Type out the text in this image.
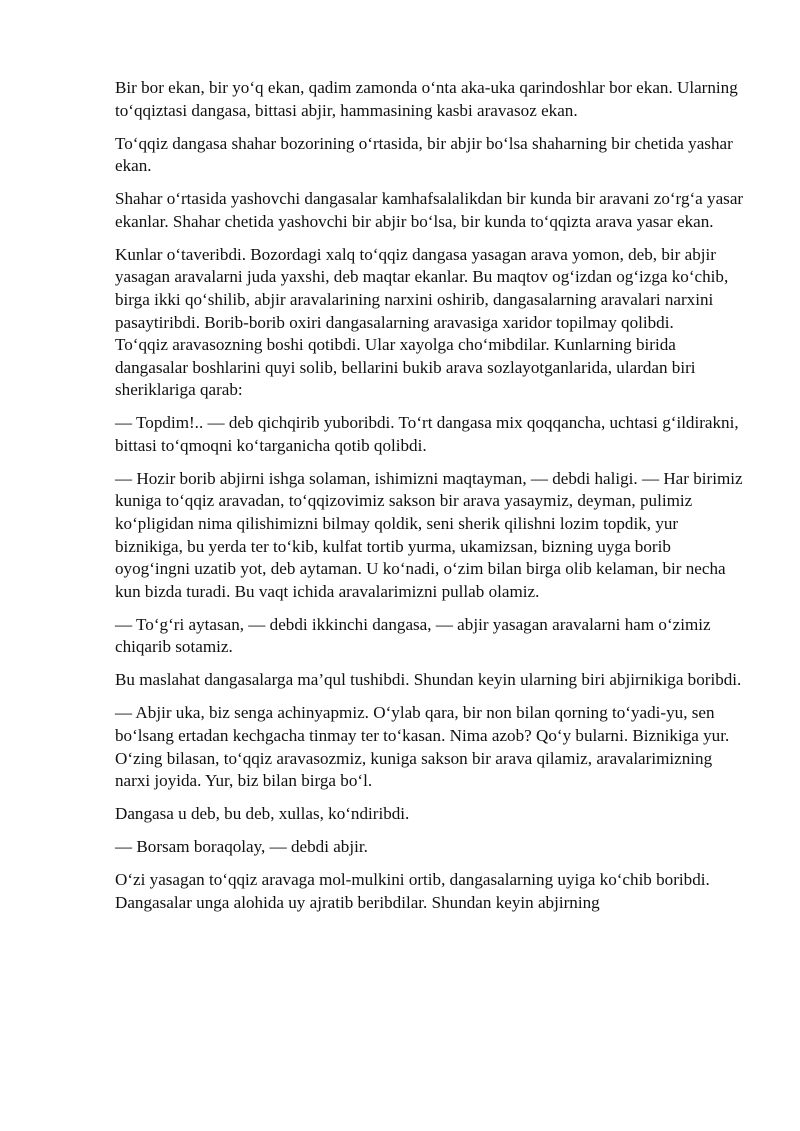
Bir bor ekan, bir yo‘q ekan, qadim zamonda o‘nta aka-uka qarindoshlar bor ekan. Ularning to‘qqiztasi dangasa, bittasi abjir, hammasining kasbi aravasoz ekan.

To‘qqiz dangasa shahar bozorining o‘rtasida, bir abjir bo‘lsa shaharning bir chetida yashar ekan.

Shahar o‘rtasida yashovchi dangasalar kamhafsalalikdan bir kunda bir aravani zo‘rg‘a yasar ekanlar. Shahar chetida yashovchi bir abjir bo‘lsa, bir kunda to‘qqizta arava yasar ekan.

Kunlar o‘taveribdi. Bozordagi xalq to‘qqiz dangasa yasagan arava yomon, deb, bir abjir yasagan aravalarni juda yaxshi, deb maqtar ekanlar. Bu maqtov og‘izdan og‘izga ko‘chib, birga ikki qo‘shilib, abjir aravalarining narxini oshirib, dangasalarning aravalari narxini pasaytiribdi. Borib-borib oxiri dangasalarning aravasiga xaridor topilmay qolibdi.

To‘qqiz aravasozning boshi qotibdi. Ular xayolga cho‘mibdilar. Kunlarning birida dangasalar boshlarini quyi solib, bellarini bukib arava sozlayotganlarida, ulardan biri sheriklariga qarab:

— Topdim!.. — deb qichqirib yuboribdi. To‘rt dangasa mix qoqqancha, uchtasi g‘ildirakni, bittasi to‘qmoqni ko‘targanicha qotib qolibdi.

— Hozir borib abjirni ishga solaman, ishimizni maqtayman, — debdi haligi. — Har birimiz kuniga to‘qqiz aravadan, to‘qqizovimiz sakson bir arava yasaymiz, deyman, pulimiz ko‘pligidan nima qilishimizni bilmay qoldik, seni sherik qilishni lozim topdik, yur biznikiga, bu yerda ter to‘kib, kulfat tortib yurma, ukamizsan, bizning uyga borib oyog‘ingni uzatib yot, deb aytaman. U ko‘nadi, o‘zim bilan birga olib kelaman, bir necha kun bizda turadi. Bu vaqt ichida aravalarimizni pullab olamiz.

— To‘g‘ri aytasan, — debdi ikkinchi dangasa, — abjir yasagan aravalarni ham o‘zimiz chiqarib sotamiz.

Bu maslahat dangasalarga ma’qul tushibdi. Shundan keyin ularning biri abjirnikiga boribdi.

— Abjir uka, biz senga achinyapmiz. O‘ylab qara, bir non bilan qorning to‘yadi-yu, sen bo‘lsang ertadan kechgacha tinmay ter to‘kasan. Nima azob? Qo‘y bularni. Biznikiga yur. O‘zing bilasan, to‘qqiz aravasozmiz, kuniga sakson bir arava qilamiz, aravalarimizning narxi joyida. Yur, biz bilan birga bo‘l.

Dangasa u deb, bu deb, xullas, ko‘ndiribdi.

— Borsam boraqolay, — debdi abjir.

O‘zi yasagan to‘qqiz aravaga mol-mulkini ortib, dangasalarning uyiga ko‘chib boribdi. Dangasalar unga alohida uy ajratib beribdilar. Shundan keyin abjirning
